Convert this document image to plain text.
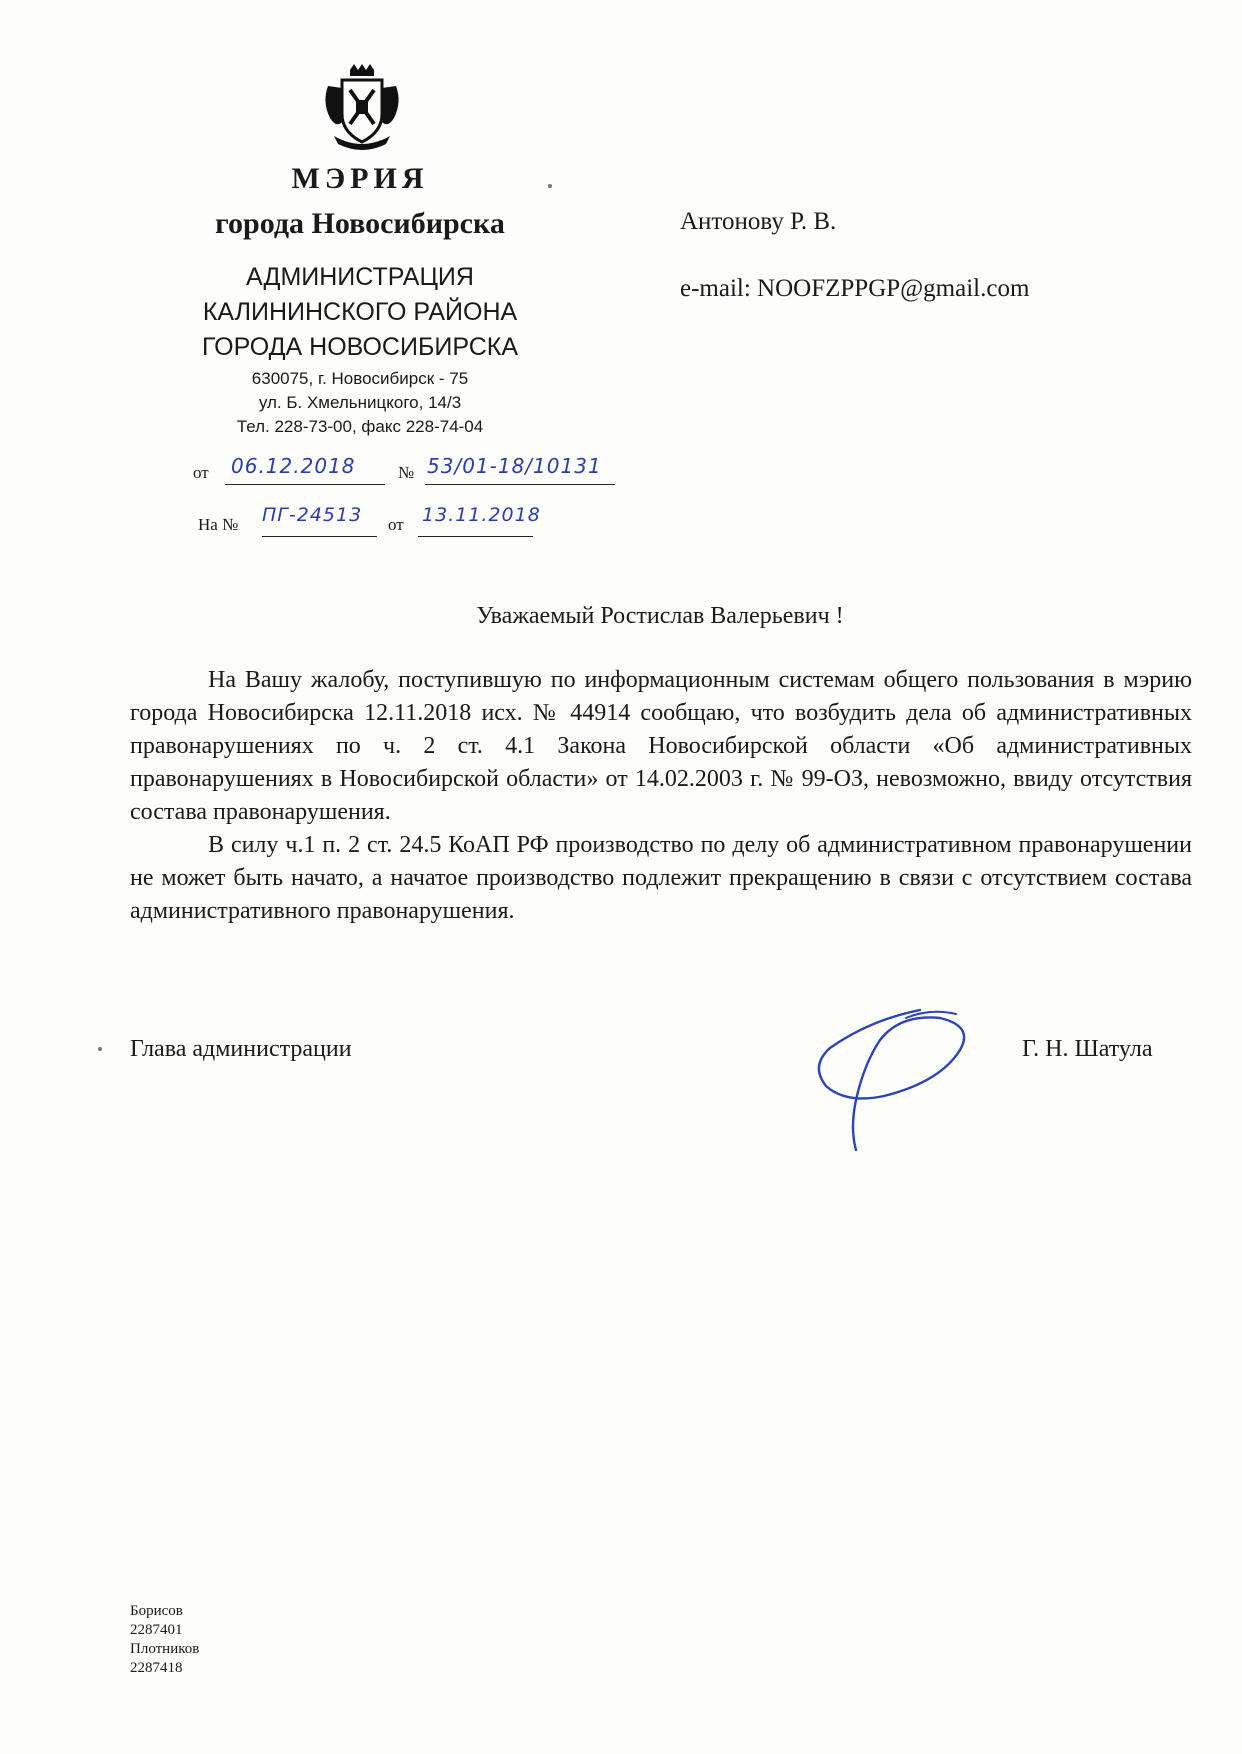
МЭРИЯ
города Новосибирска
АДМИНИСТРАЦИЯ
КАЛИНИНСКОГО РАЙОНА
ГОРОДА НОВОСИБИРСКА
630075, г. Новосибирск - 75
ул. Б. Хмельницкого, 14/3
Тел. 228-73-00, факс 228-74-04
от 06.12.2018 № 53/01-18/10131
На № ПГ-24513 от 13.11.2018
Антонову Р. В.
e-mail: NOOFZPPGP@gmail.com
Уважаемый Ростислав Валерьевич !

На Вашу жалобу, поступившую по информационным системам общего пользования в мэрию города Новосибирска 12.11.2018 исх. № 44914 сообщаю, что возбудить дела об административных правонарушениях по ч. 2 ст. 4.1 Закона Новосибирской области «Об административных правонарушениях в Новосибирской области» от 14.02.2003 г. № 99-ОЗ, невозможно, ввиду отсутствия состава правонарушения.

В силу ч.1 п. 2 ст. 24.5 КоАП РФ производство по делу об административном правонарушении не может быть начато, а начатое производство подлежит прекращению в связи с отсутствием состава административного правонарушения.

Глава администрации	Г. Н. Шатула
Борисов
2287401
Плотников
2287418
